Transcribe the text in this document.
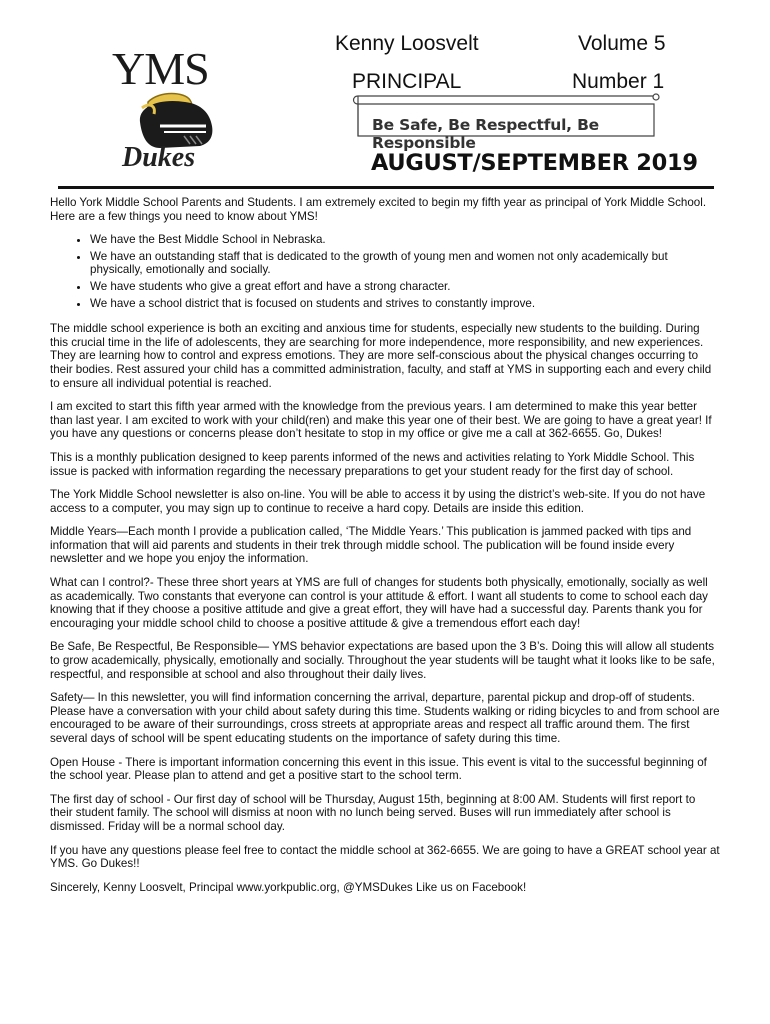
YMS
Dukes
Kenny Loosvelt	Volume 5
PRINCIPAL	Number 1
Be Safe, Be Respectful, Be Responsible
AUGUST/SEPTEMBER 2019

Hello York Middle School Parents and Students. I am extremely excited to begin my fifth year as principal of York Middle School. Here are a few things you need to know about YMS!

• We have the Best Middle School in Nebraska.
• We have an outstanding staff that is dedicated to the growth of young men and women not only academically but physically, emotionally and socially.
• We have students who give a great effort and have a strong character.
• We have a school district that is focused on students and strives to constantly improve.

The middle school experience is both an exciting and anxious time for students, especially new students to the building. During this crucial time in the life of adolescents, they are searching for more independence, more responsibility, and new experiences. They are learning how to control and express emotions. They are more self-conscious about the physical changes occurring to their bodies. Rest assured your child has a committed administration, faculty, and staff at YMS in supporting each and every child to ensure all individual potential is reached.

I am excited to start this fifth year armed with the knowledge from the previous years. I am determined to make this year better than last year. I am excited to work with your child(ren) and make this year one of their best. We are going to have a great year! If you have any questions or concerns please don’t hesitate to stop in my office or give me a call at 362-6655. Go, Dukes!

This is a monthly publication designed to keep parents informed of the news and activities relating to York Middle School. This issue is packed with information regarding the necessary preparations to get your student ready for the first day of school.

The York Middle School newsletter is also on-line. You will be able to access it by using the district’s web-site. If you do not have access to a computer, you may sign up to continue to receive a hard copy. Details are inside this edition.

Middle Years—Each month I provide a publication called, ‘The Middle Years.’ This publication is jammed packed with tips and information that will aid parents and students in their trek through middle school. The publication will be found inside every newsletter and we hope you enjoy the information.

What can I control?- These three short years at YMS are full of changes for students both physically, emotionally, socially as well as academically. Two constants that everyone can control is your attitude & effort. I want all students to come to school each day knowing that if they choose a positive attitude and give a great effort, they will have had a successful day. Parents thank you for encouraging your middle school child to choose a positive attitude & give a tremendous effort each day!

Be Safe, Be Respectful, Be Responsible— YMS behavior expectations are based upon the 3 B’s. Doing this will allow all students to grow academically, physically, emotionally and socially. Throughout the year students will be taught what it looks like to be safe, respectful, and responsible at school and also throughout their daily lives.

Safety— In this newsletter, you will find information concerning the arrival, departure, parental pickup and drop-off of students. Please have a conversation with your child about safety during this time. Students walking or riding bicycles to and from school are encouraged to be aware of their surroundings, cross streets at appropriate areas and respect all traffic around them. The first several days of school will be spent educating students on the importance of safety during this time.

Open House - There is important information concerning this event in this issue. This event is vital to the successful beginning of the school year. Please plan to attend and get a positive start to the school term.

The first day of school - Our first day of school will be Thursday, August 15th, beginning at 8:00 AM. Students will first report to their student family. The school will dismiss at noon with no lunch being served. Buses will run immediately after school is dismissed. Friday will be a normal school day.

If you have any questions please feel free to contact the middle school at 362-6655. We are going to have a GREAT school year at YMS. Go Dukes!!

Sincerely, Kenny Loosvelt, Principal www.yorkpublic.org, @YMSDukes Like us on Facebook!
